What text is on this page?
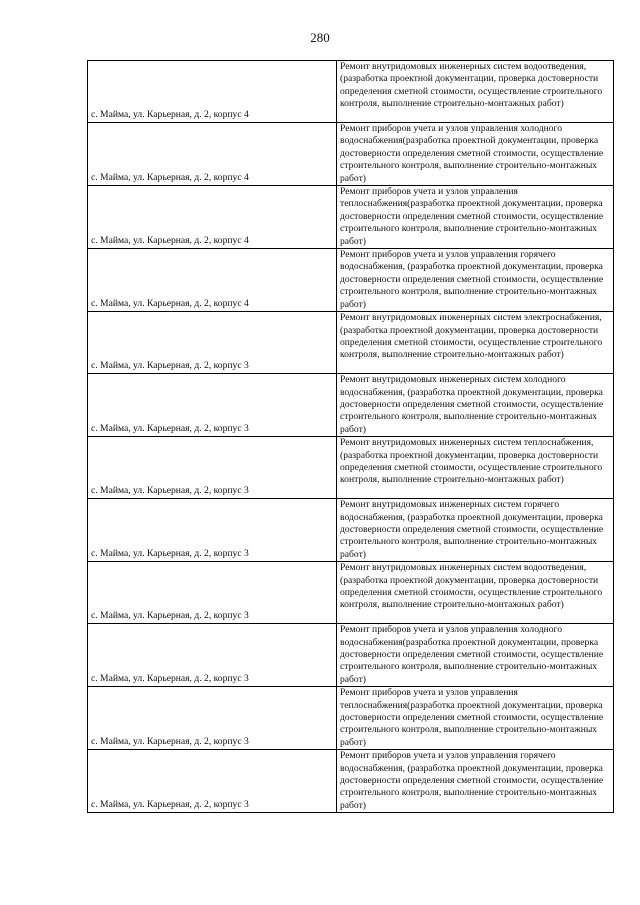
280
с. Майма, ул. Карьерная, д. 2, корпус 4	Ремонт внутридомовых инженерных систем водоотведения, (разработка проектной документации, проверка достоверности определения сметной стоимости, осуществление строительного контроля, выполнение строительно-монтажных работ)
с. Майма, ул. Карьерная, д. 2, корпус 4	Ремонт приборов учета и узлов управления холодного водоснабжения(разработка проектной документации, проверка достоверности определения сметной стоимости, осуществление строительного контроля, выполнение строительно-монтажных работ)
с. Майма, ул. Карьерная, д. 2, корпус 4	Ремонт приборов учета и узлов управления теплоснабжения(разработка проектной документации, проверка достоверности определения сметной стоимости, осуществление строительного контроля, выполнение строительно-монтажных работ)
с. Майма, ул. Карьерная, д. 2, корпус 4	Ремонт приборов учета и узлов управления горячего водоснабжения, (разработка проектной документации, проверка достоверности определения сметной стоимости, осуществление строительного контроля, выполнение строительно-монтажных работ)
с. Майма, ул. Карьерная, д. 2, корпус 3	Ремонт внутридомовых инженерных систем электроснабжения, (разработка проектной документации, проверка достоверности определения сметной стоимости, осуществление строительного контроля, выполнение строительно-монтажных работ)
с. Майма, ул. Карьерная, д. 2, корпус 3	Ремонт внутридомовых инженерных систем холодного водоснабжения, (разработка проектной документации, проверка достоверности определения сметной стоимости, осуществление строительного контроля, выполнение строительно-монтажных работ)
с. Майма, ул. Карьерная, д. 2, корпус 3	Ремонт внутридомовых инженерных систем теплоснабжения, (разработка проектной документации, проверка достоверности определения сметной стоимости, осуществление строительного контроля, выполнение строительно-монтажных работ)
с. Майма, ул. Карьерная, д. 2, корпус 3	Ремонт внутридомовых инженерных систем горячего водоснабжения, (разработка проектной документации, проверка достоверности определения сметной стоимости, осуществление строительного контроля, выполнение строительно-монтажных работ)
с. Майма, ул. Карьерная, д. 2, корпус 3	Ремонт внутридомовых инженерных систем водоотведения, (разработка проектной документации, проверка достоверности определения сметной стоимости, осуществление строительного контроля, выполнение строительно-монтажных работ)
с. Майма, ул. Карьерная, д. 2, корпус 3	Ремонт приборов учета и узлов управления холодного водоснабжения(разработка проектной документации, проверка достоверности определения сметной стоимости, осуществление строительного контроля, выполнение строительно-монтажных работ)
с. Майма, ул. Карьерная, д. 2, корпус 3	Ремонт приборов учета и узлов управления теплоснабжения(разработка проектной документации, проверка достоверности определения сметной стоимости, осуществление строительного контроля, выполнение строительно-монтажных работ)
с. Майма, ул. Карьерная, д. 2, корпус 3	Ремонт приборов учета и узлов управления горячего водоснабжения, (разработка проектной документации, проверка достоверности определения сметной стоимости, осуществление строительного контроля, выполнение строительно-монтажных работ)
